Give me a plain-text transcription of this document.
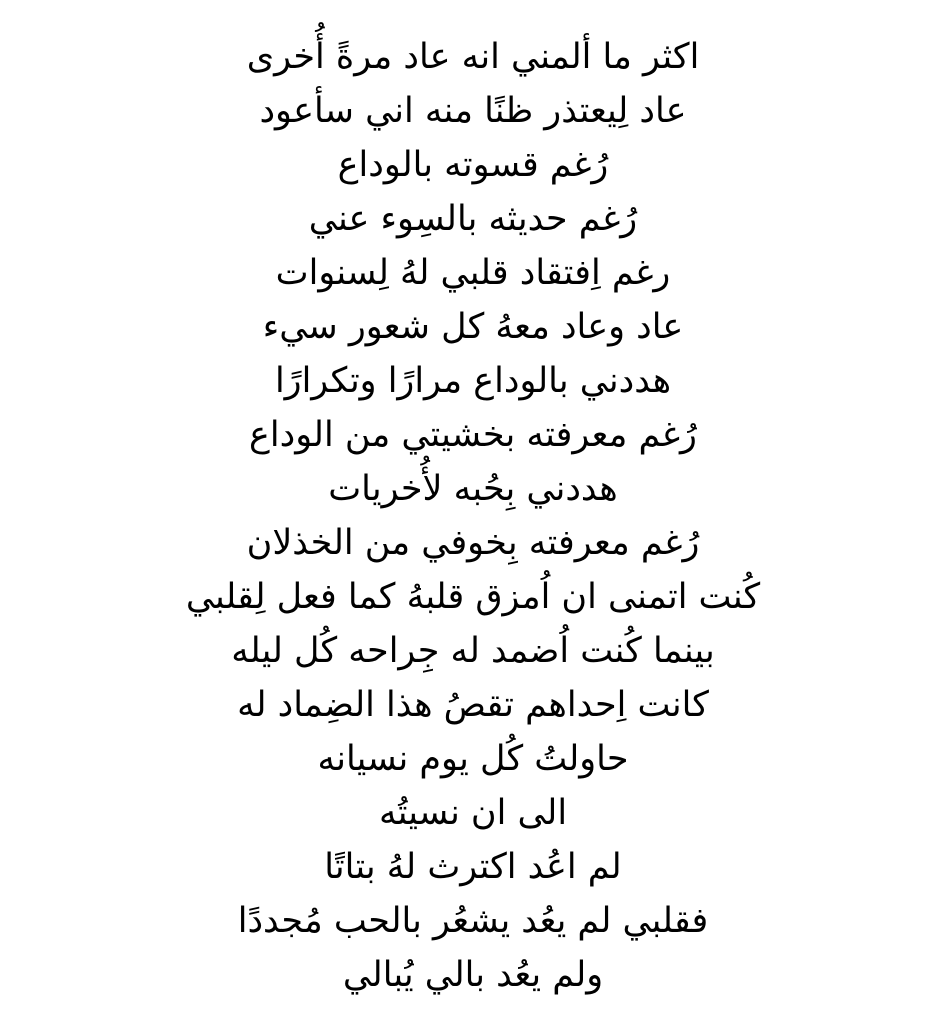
اكثر ما ألمني انه عاد مرةً أُخرى
عاد لِيعتذر ظنًا منه اني سأعود
رُغم قسوته بالوداع
رُغم حديثه بالسِوء عني
رغم اِفتقاد قلبي لهُ لِسنوات
عاد وعاد معهُ كل شعور سيء
هددني بالوداع مرارًا وتكرارًا
رُغم معرفته بخشيتي من الوداع
هددني بِحُبه لأُخريات
رُغم معرفته بِخوفي من الخذلان
كُنت اتمنى ان اُمزق قلبهُ كما فعل لِقلبي
بينما كُنت اُضمد له جِراحه كُل ليله
كانت اِحداهم تقصُ هذا الضِماد له
حاولتُ كُل يوم نسيانه
الى ان نسيتُه
لم اعُد اكترث لهُ بتاتًا
فقلبي لم يعُد يشعُر بالحب مُجددًا
ولم يعُد بالي يُبالي
